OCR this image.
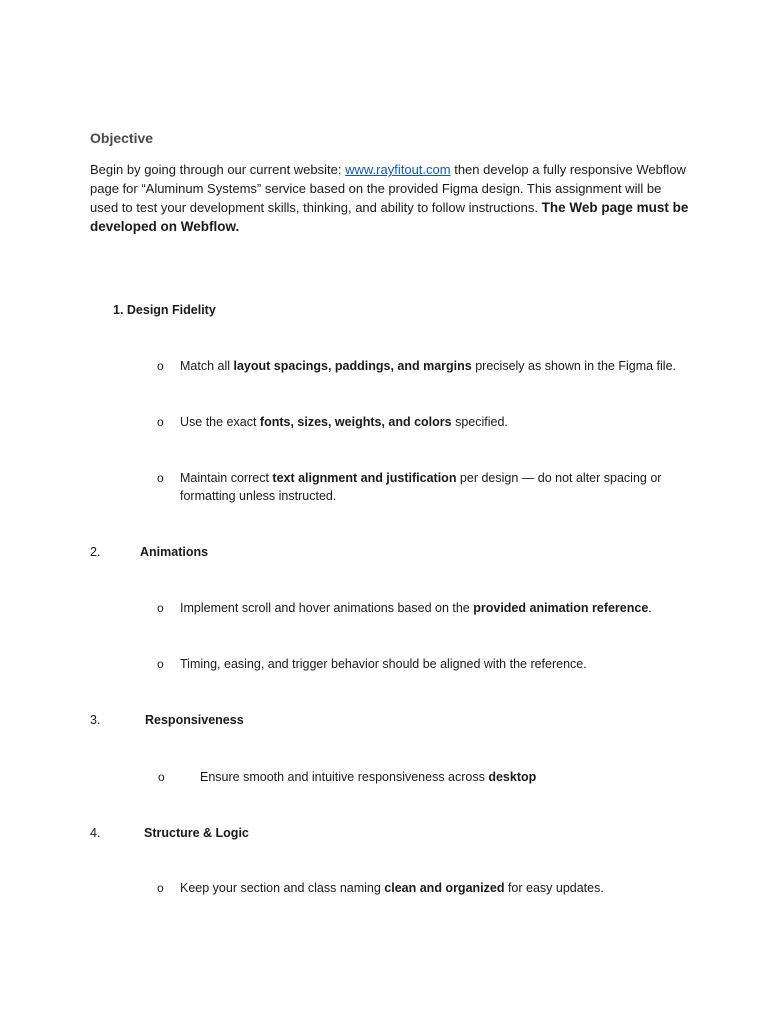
Objective
Begin by going through our current website: www.rayfitout.com then develop a fully responsive Webflow page for “Aluminum Systems” service based on the provided Figma design. This assignment will be used to test your development skills, thinking, and ability to follow instructions. The Web page must be developed on Webflow.
1. Design Fidelity
o Match all layout spacings, paddings, and margins precisely as shown in the Figma file.
o Use the exact fonts, sizes, weights, and colors specified.
o Maintain correct text alignment and justification per design — do not alter spacing or formatting unless instructed.
2.	Animations
o Implement scroll and hover animations based on the provided animation reference.
o Timing, easing, and trigger behavior should be aligned with the reference.
3.	Responsiveness
o	Ensure smooth and intuitive responsiveness across desktop
4.	Structure & Logic
o Keep your section and class naming clean and organized for easy updates.
